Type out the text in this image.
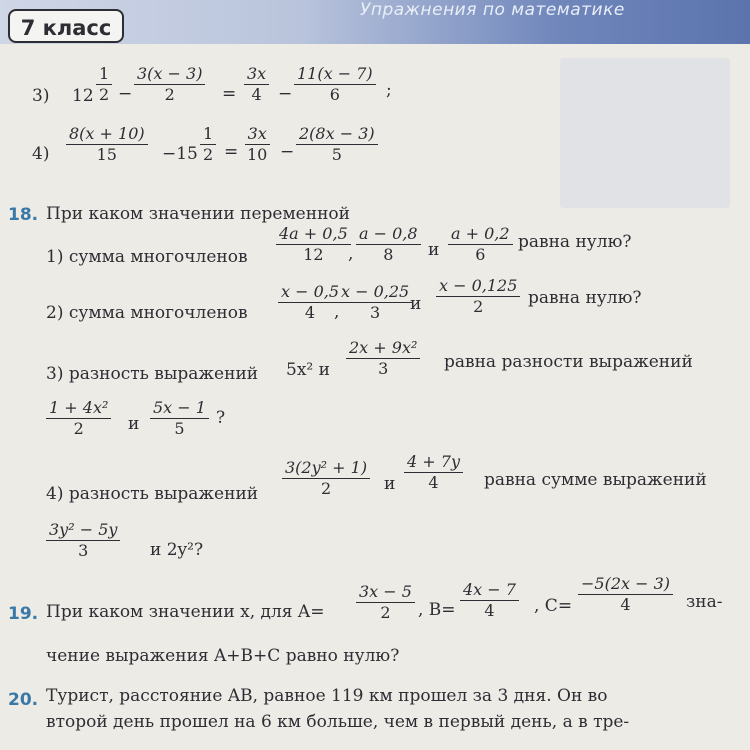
Упражнения по математике
7 класс
3) $12 \frac{1}{2} - \frac{3(x - 3)}{2} = \frac{3x}{4} - \frac{11(x - 7)}{6}$ ;
$4) \frac{8(x + 10)}{15} -15 \frac{1}{2} = \frac{3x}{10} - \frac{2(8x - 3)}{5}$
18. При каком значении переменной
1) сумма многочленов $\frac{4a + 0,5}{12}$
, $\frac{a - 0,8}{8}$ и $\frac{a + 0,2}{6}$ равна нулю?
2) сумма многочленов $\frac{x - 0,5}{4}$
,
$\frac{x - 0,25}{3}$
и $\frac{x - 0,125}{2}$ равна нулю?
3) разность выражений 5x² и $\frac{\text{2x + 9x²}}{3}$ равна разности выражений
$\frac{\text{1 + 4x²}}{2}$ и $\frac{5x - 1}{5}$ ?
4) разность выражений $\frac{\text{3(2y² + 1)}}{2}$ и $\frac{4 + 7y}{4}$ равна сумме выражений
$\frac{\text{3y² − 5y}}{3}$ и 2y²?
19. При каком значении x, для $A= \frac{3x - 5}{2}$ , $B= \frac{4x - 7}{4}$ , $C= \frac{-5(2x - 3)}{4} зна-$
чение выражения A+B+C равно нулю?
20. Турист, расстояние AB, равное 119 км прошел за 3 дня. Он во
второй день прошел на 6 км больше, чем в первый день, а в тре-
